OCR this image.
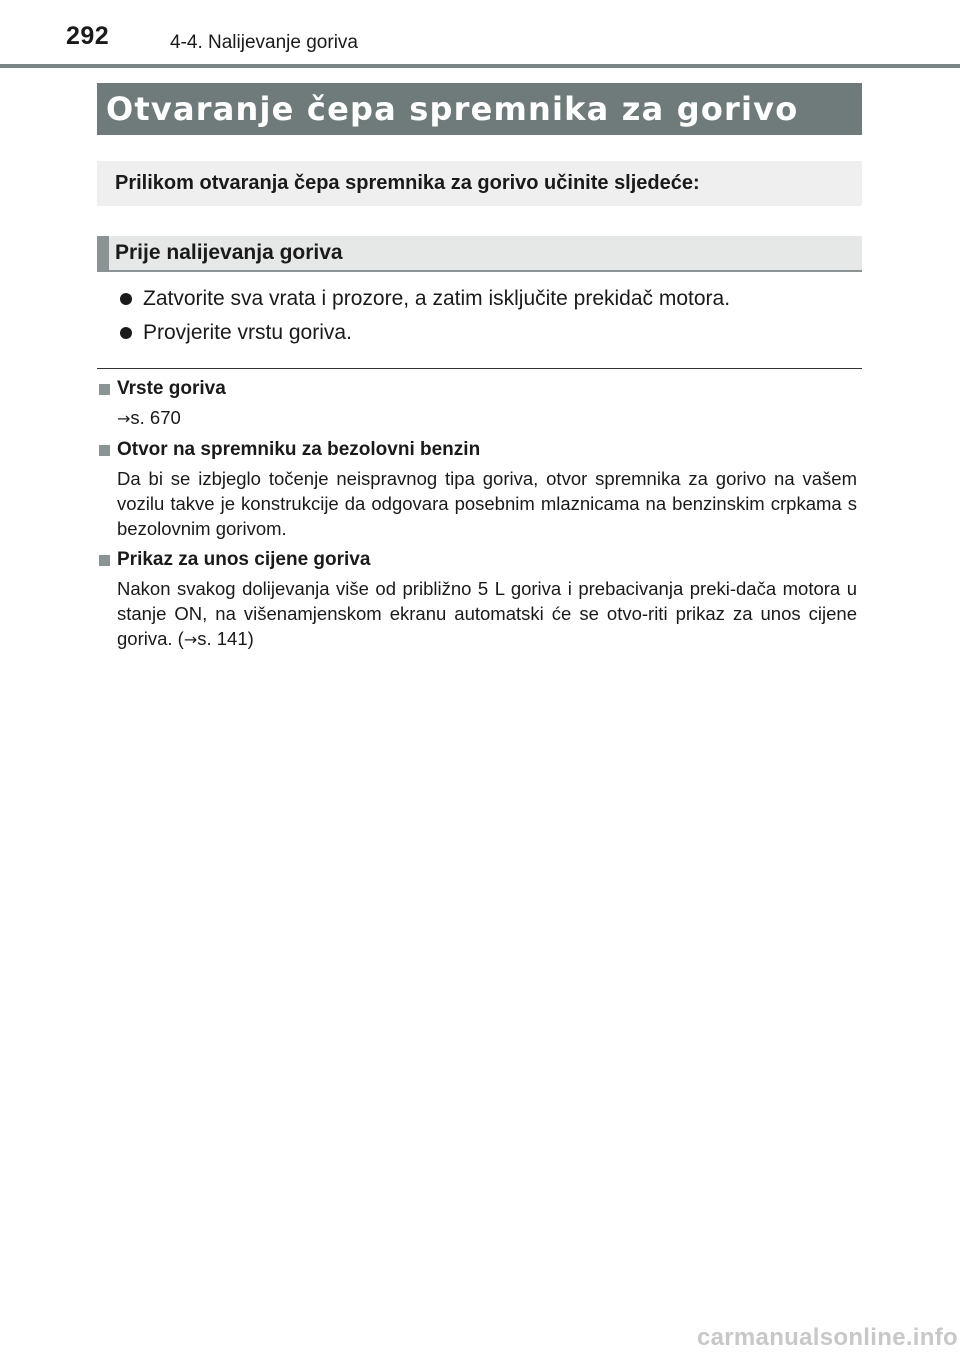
292	4-4. Nalijevanje goriva
Otvaranje čepa spremnika za gorivo
Prilikom otvaranja čepa spremnika za gorivo učinite sljedeće:
Prije nalijevanja goriva
Zatvorite sva vrata i prozore, a zatim isključite prekidač motora.
Provjerite vrstu goriva.
Vrste goriva
→s. 670
Otvor na spremniku za bezolovni benzin
Da bi se izbjeglo točenje neispravnog tipa goriva, otvor spremnika za gorivo na vašem vozilu takve je konstrukcije da odgovara posebnim mlaznicama na benzinskim crpkama s bezolovnim gorivom.
Prikaz za unos cijene goriva
Nakon svakog dolijevanja više od približno 5 L goriva i prebacivanja preki-dača motora u stanje ON, na višenamjenskom ekranu automatski će se otvo-riti prikaz za unos cijene goriva. (→s. 141)
carmanualsonline.info
